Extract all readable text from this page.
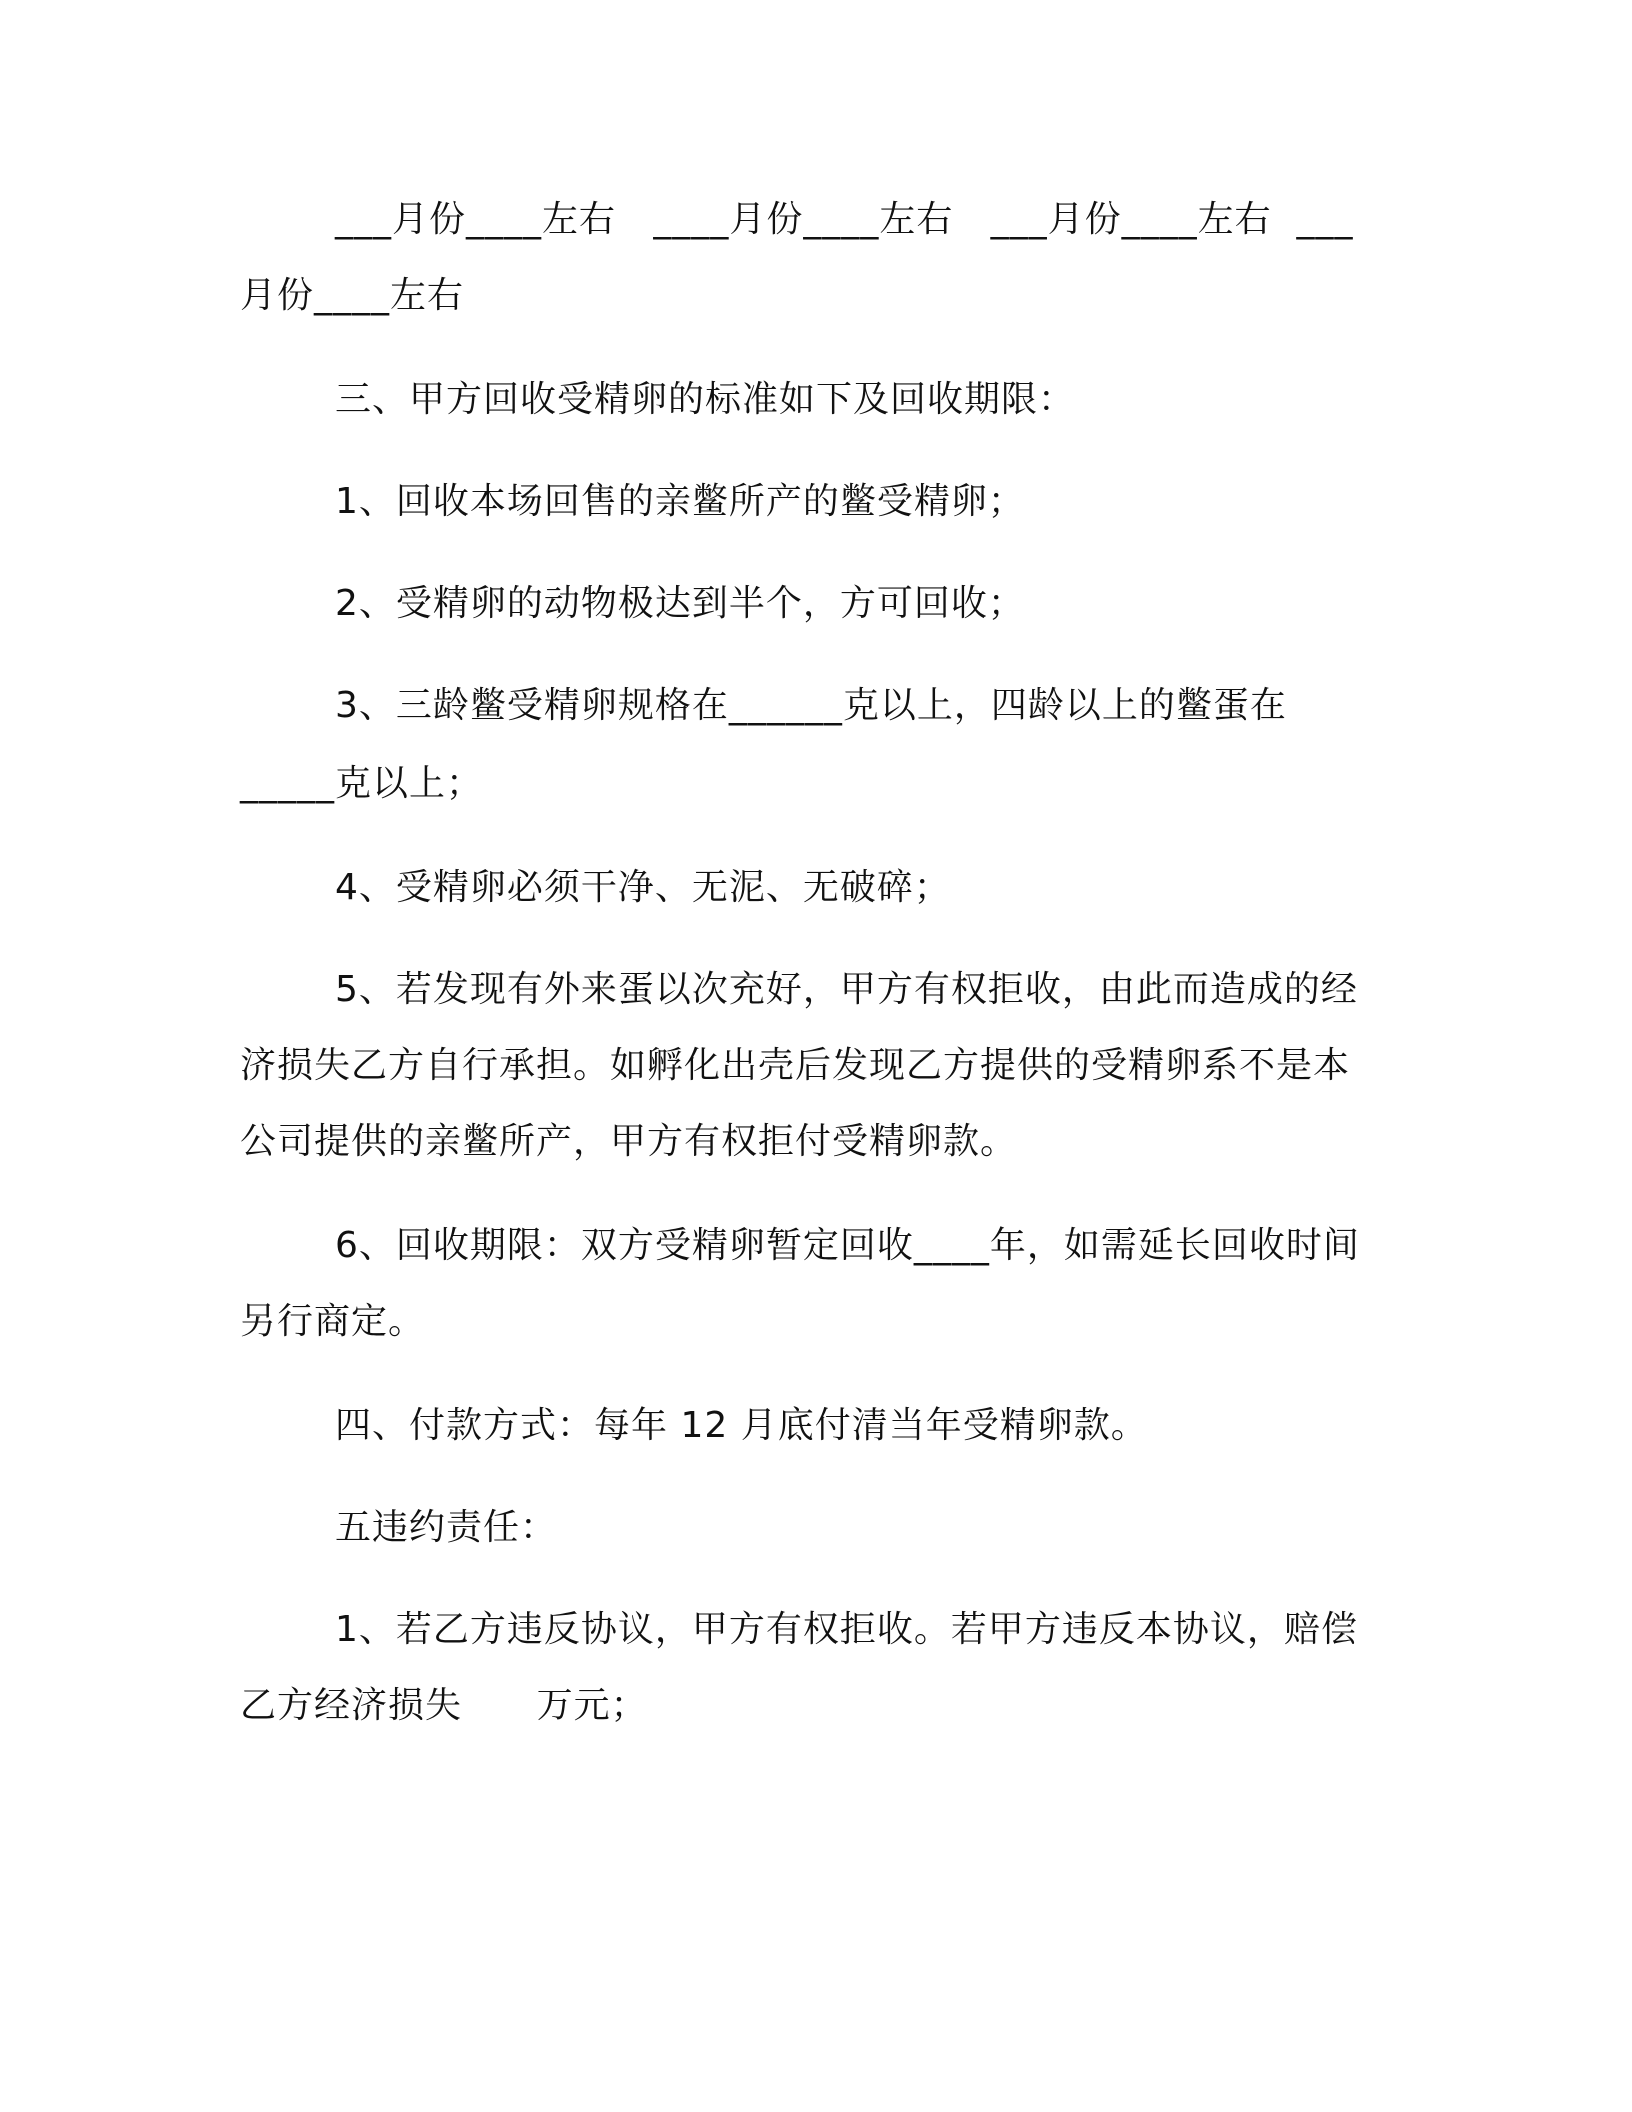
___月份____左右   ____月份____左右   ___月份____左右  ___
月份____左右
三、甲方回收受精卵的标准如下及回收期限：
1、回收本场回售的亲鳖所产的鳖受精卵；
2、受精卵的动物极达到半个，方可回收；
3、三龄鳖受精卵规格在______克以上，四龄以上的鳖蛋在
_____克以上；
4、受精卵必须干净、无泥、无破碎；
5、若发现有外来蛋以次充好，甲方有权拒收，由此而造成的经
济损失乙方自行承担。如孵化出壳后发现乙方提供的受精卵系不是本
公司提供的亲鳖所产，甲方有权拒付受精卵款。
6、回收期限：双方受精卵暂定回收____年，如需延长回收时间
另行商定。
四、付款方式：每年 12 月底付清当年受精卵款。
五违约责任：
1、若乙方违反协议，甲方有权拒收。若甲方违反本协议，赔偿
乙方经济损失      万元；
